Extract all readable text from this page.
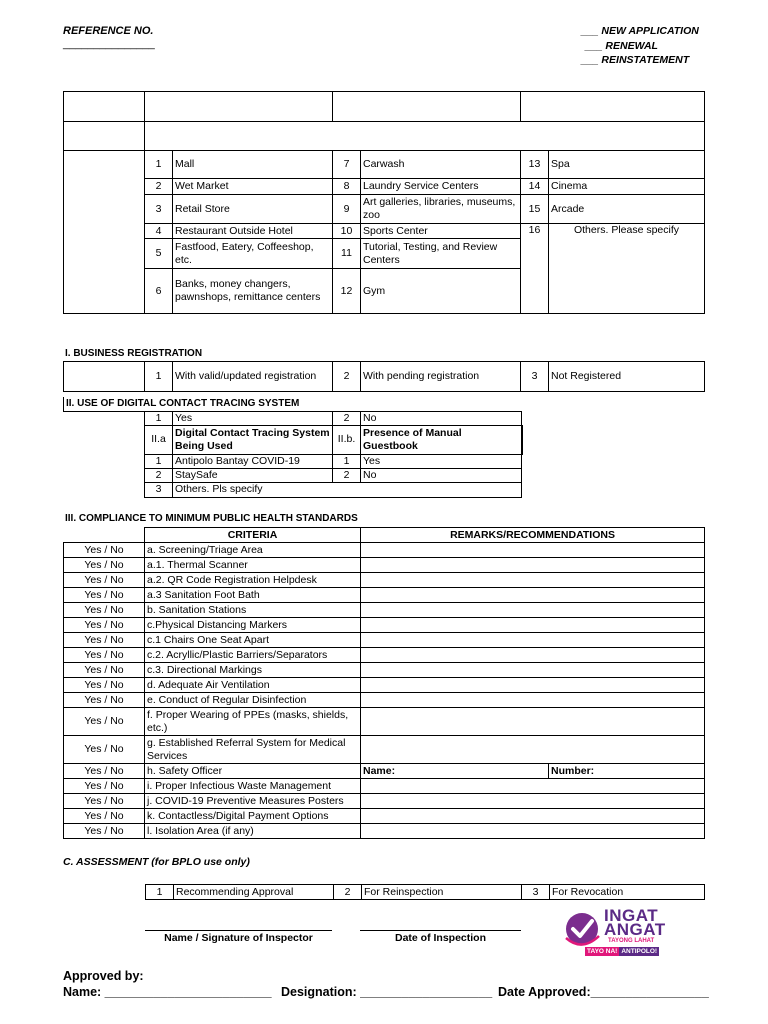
REFERENCE NO.
_______________
___ NEW APPLICATION
___ RENEWAL
___ REINSTATEMENT

	1	Mall	7	Carwash	13	Spa
	2	Wet Market	8	Laundry Service Centers	14	Cinema
	3	Retail Store	9	Art galleries, libraries, museums, zoo	15	Arcade
	4	Restaurant Outside Hotel	10	Sports Center	16	Others. Please specify
	5	Fastfood, Eatery, Coffeeshop, etc.	11	Tutorial, Testing, and Review Centers		
	6	Banks, money changers, pawnshops, remittance centers	12	Gym		
I. BUSINESS REGISTRATION
	1	With valid/updated registration	2	With pending registration	3	Not Registered
II. USE OF DIGITAL CONTACT TRACING SYSTEM				
	1	Yes	2	No
	II.a	Digital Contact Tracing System Being Used	II.b.	Presence of Manual Guestbook
	1	Antipolo Bantay COVID-19	1	Yes
	2	StaySafe	2	No
	3	Others. Pls specify		
III. COMPLIANCE TO MINIMUM PUBLIC HEALTH STANDARDS
	CRITERIA	REMARKS/RECOMMENDATIONS	
Yes / No	a. Screening/Triage Area		
Yes / No	a.1. Thermal Scanner		
Yes / No	a.2. QR Code Registration Helpdesk		
Yes / No	a.3 Sanitation Foot Bath		
Yes / No	b. Sanitation Stations		
Yes / No	c.Physical Distancing Markers		
Yes / No	c.1 Chairs One Seat Apart		
Yes / No	c.2. Acryllic/Plastic Barriers/Separators		
Yes / No	c.3. Directional Markings		
Yes / No	d. Adequate Air Ventilation		
Yes / No	e. Conduct of Regular Disinfection		
Yes / No	f. Proper Wearing of PPEs (masks, shields, etc.)		
Yes / No	g. Established Referral System for Medical Services		
Yes / No	h. Safety Officer	Name:	Number:
Yes / No	i. Proper Infectious Waste Management		
Yes / No	j. COVID-19 Preventive Measures Posters		
Yes / No	k. Contactless/Digital Payment Options		
Yes / No	l. Isolation Area (if any)		
C. ASSESSMENT (for BPLO use only)
1	Recommending Approval	2	For Reinspection	3	For Revocation
Name / Signature of Inspector	Date of Inspection
INGAT
ANGAT
TAYONG LAHAT
TAYO NA! ANTIPOLO!
Approved by:
Name: ________________________ Designation: ___________________ Date Approved:_________________
